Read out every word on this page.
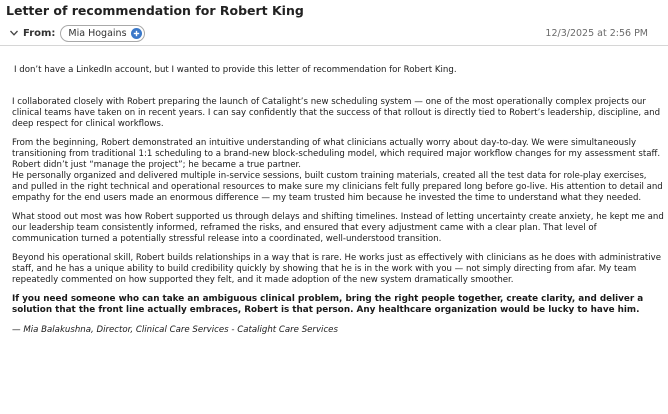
Letter of recommendation for Robert King
From: Mia Hogains	12/3/2025 at 2:56 PM

I don’t have a LinkedIn account, but I wanted to provide this letter of recommendation for Robert King.

I collaborated closely with Robert preparing the launch of Catalight’s new scheduling system — one of the most operationally complex projects our clinical teams have taken on in recent years. I can say confidently that the success of that rollout is directly tied to Robert’s leadership, discipline, and deep respect for clinical workflows.

From the beginning, Robert demonstrated an intuitive understanding of what clinicians actually worry about day-to-day. We were simultaneously transitioning from traditional 1:1 scheduling to a brand-new block-scheduling model, which required major workflow changes for my assessment staff. Robert didn’t just “manage the project”; he became a true partner.

He personally organized and delivered multiple in-service sessions, built custom training materials, created all the test data for role-play exercises, and pulled in the right technical and operational resources to make sure my clinicians felt fully prepared long before go-live. His attention to detail and empathy for the end users made an enormous difference — my team trusted him because he invested the time to understand what they needed.

What stood out most was how Robert supported us through delays and shifting timelines. Instead of letting uncertainty create anxiety, he kept me and our leadership team consistently informed, reframed the risks, and ensured that every adjustment came with a clear plan. That level of communication turned a potentially stressful release into a coordinated, well-understood transition.

Beyond his operational skill, Robert builds relationships in a way that is rare. He works just as effectively with clinicians as he does with administrative staff, and he has a unique ability to build credibility quickly by showing that he is in the work with you — not simply directing from afar. My team repeatedly commented on how supported they felt, and it made adoption of the new system dramatically smoother.

If you need someone who can take an ambiguous clinical problem, bring the right people together, create clarity, and deliver a solution that the front line actually embraces, Robert is that person. Any healthcare organization would be lucky to have him.

— Mia Balakushna, Director, Clinical Care Services - Catalight Care Services
